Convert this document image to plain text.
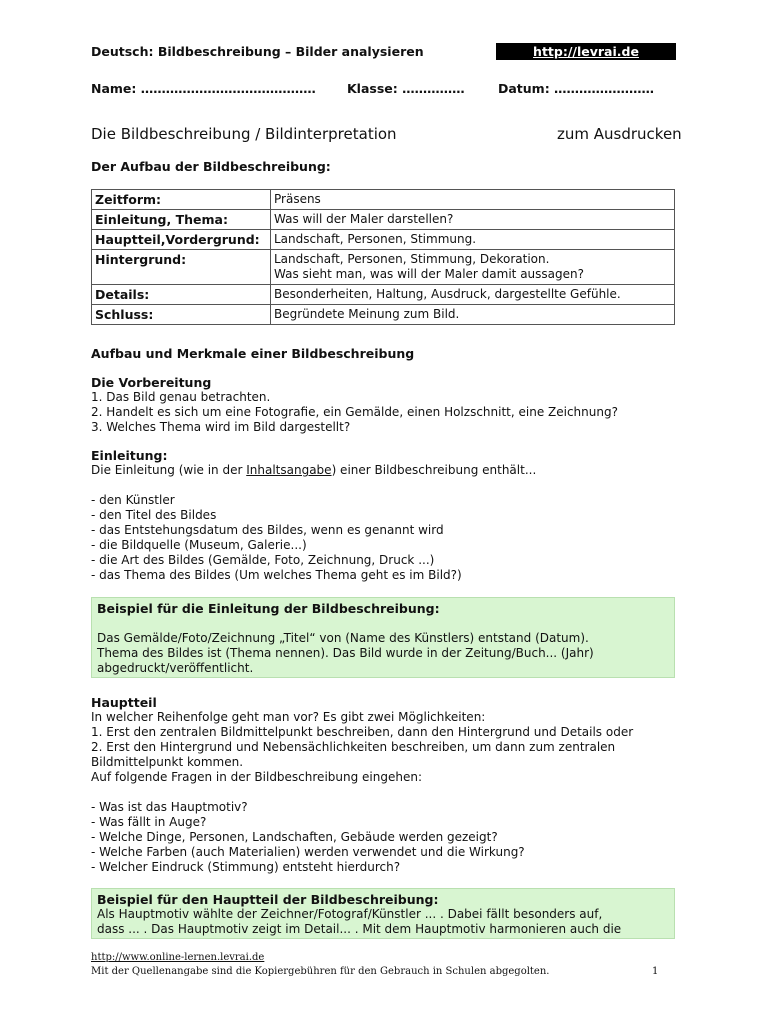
Deutsch: Bildbeschreibung – Bilder analysieren	http://levrai.de
Name: ……………………………………	Klasse: ……………	Datum: ……………………
Die Bildbeschreibung / Bildinterpretation	zum Ausdrucken
Der Aufbau der Bildbeschreibung:
Zeitform:	Präsens

Einleitung, Thema:	Was will der Maler darstellen?

Hauptteil,Vordergrund:	Landschaft, Personen, Stimmung.

Hintergrund:	Landschaft, Personen, Stimmung, Dekoration.
Was sieht man, was will der Maler damit aussagen?

Details:	Besonderheiten, Haltung, Ausdruck, dargestellte Gefühle.

Schluss:	Begründete Meinung zum Bild.
Aufbau und Merkmale einer Bildbeschreibung
Die Vorbereitung
1. Das Bild genau betrachten.
2. Handelt es sich um eine Fotografie, ein Gemälde, einen Holzschnitt, eine Zeichnung?
3. Welches Thema wird im Bild dargestellt?
Einleitung:
Die Einleitung (wie in der Inhaltsangabe) einer Bildbeschreibung enthält...
- den Künstler
- den Titel des Bildes
- das Entstehungsdatum des Bildes, wenn es genannt wird
- die Bildquelle (Museum, Galerie...)
- die Art des Bildes (Gemälde, Foto, Zeichnung, Druck ...)
- das Thema des Bildes (Um welches Thema geht es im Bild?)
Beispiel für die Einleitung der Bildbeschreibung:
Das Gemälde/Foto/Zeichnung „Titel“ von (Name des Künstlers) entstand (Datum).
Thema des Bildes ist (Thema nennen). Das Bild wurde in der Zeitung/Buch... (Jahr)
abgedruckt/veröffentlicht.
Hauptteil
In welcher Reihenfolge geht man vor? Es gibt zwei Möglichkeiten:
1. Erst den zentralen Bildmittelpunkt beschreiben, dann den Hintergrund und Details oder
2. Erst den Hintergrund und Nebensächlichkeiten beschreiben, um dann zum zentralen
Bildmittelpunkt kommen.
Auf folgende Fragen in der Bildbeschreibung eingehen:
- Was ist das Hauptmotiv?
- Was fällt in Auge?
- Welche Dinge, Personen, Landschaften, Gebäude werden gezeigt?
- Welche Farben (auch Materialien) werden verwendet und die Wirkung?
- Welcher Eindruck (Stimmung) entsteht hierdurch?
Beispiel für den Hauptteil der Bildbeschreibung:
Als Hauptmotiv wählte der Zeichner/Fotograf/Künstler ... . Dabei fällt besonders auf,
dass ... . Das Hauptmotiv zeigt im Detail... . Mit dem Hauptmotiv harmonieren auch die
http://www.online-lernen.levrai.de
Mit der Quellenangabe sind die Kopiergebühren für den Gebrauch in Schulen abgegolten.	1
